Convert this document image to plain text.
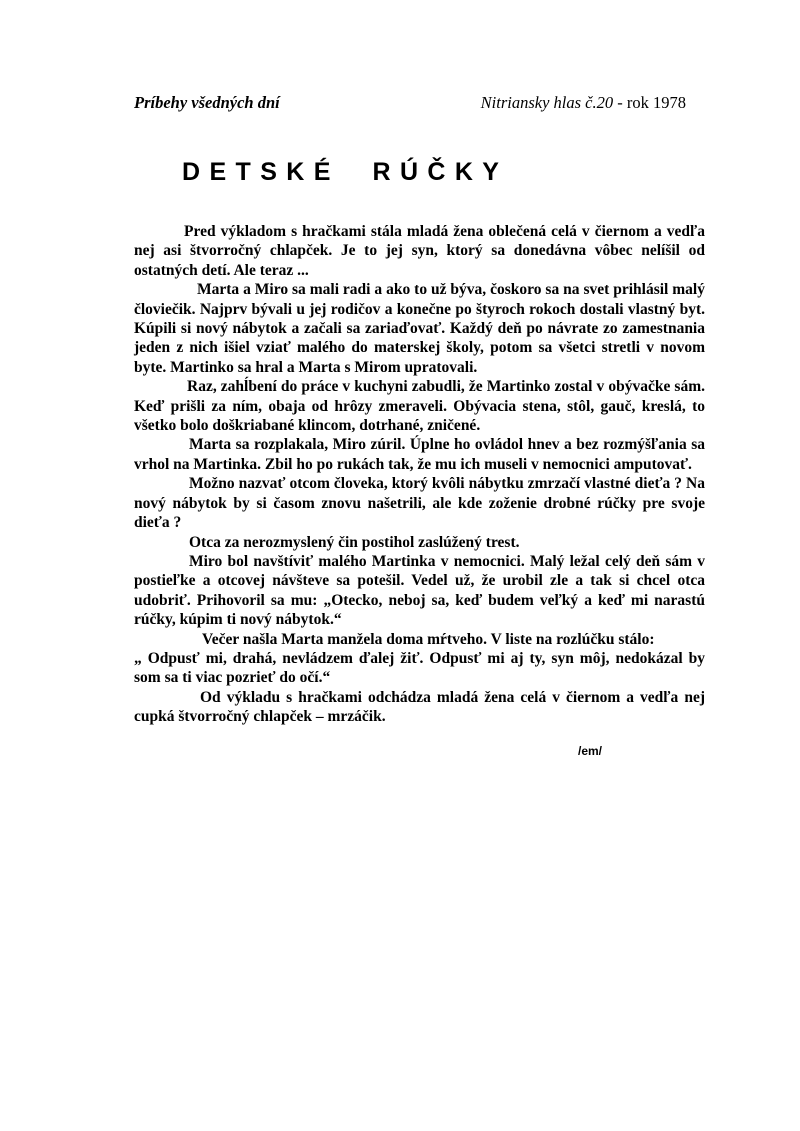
Príbehy všedných dní	Nitriansky hlas č.20 - rok 1978
DETSKÉ  RÚČKY

Pred výkladom s hračkami stála mladá žena oblečená celá v čiernom a vedľa nej asi štvorročný chlapček. Je to jej syn, ktorý sa donedávna vôbec nelíšil od ostatných detí. Ale teraz ...

Marta a Miro sa mali radi a ako to už býva, čoskoro sa na svet prihlásil malý človiečik. Najprv bývali u jej rodičov a konečne po štyroch rokoch dostali vlastný byt. Kúpili si nový nábytok a začali sa zariaďovať. Každý deň po návrate zo zamestnania jeden z nich išiel vziať malého do materskej školy, potom sa všetci stretli v novom byte. Martinko sa hral a Marta s Mirom upratovali.

Raz, zahĺbení do práce v kuchyni zabudli, že Martinko zostal v obývačke sám. Keď prišli za ním, obaja od hrôzy zmeraveli. Obývacia stena, stôl, gauč, kreslá, to všetko bolo doškriabané klincom, dotrhané, zničené.

Marta sa rozplakala, Miro zúril. Úplne ho ovládol hnev a bez rozmýšľania sa vrhol na Martinka. Zbil ho po rukách tak, že mu ich museli v nemocnici amputovať.

Možno nazvať otcom človeka, ktorý kvôli nábytku zmrzačí vlastné dieťa ? Na nový nábytok by si časom znovu našetrili, ale kde zoženie drobné rúčky pre svoje dieťa ?

Otca za nerozmyslený čin postihol zaslúžený trest.

Miro bol navštíviť malého Martinka v nemocnici. Malý ležal celý deň sám v postieľke a otcovej návšteve sa potešil. Vedel už, že urobil zle a tak si chcel otca udobriť. Prihovoril sa mu: „Otecko, neboj sa, keď budem veľký a keď mi narastú rúčky, kúpim ti nový nábytok.“

Večer našla Marta manžela doma mŕtveho. V liste na rozlúčku stálo:

„ Odpusť mi, drahá, nevládzem ďalej žiť. Odpusť mi aj ty, syn môj, nedokázal by som sa ti viac pozrieť do očí.“

Od výkladu s hračkami odchádza mladá žena celá v čiernom a vedľa nej cupká štvorročný chlapček – mrzáčik.

/em/
